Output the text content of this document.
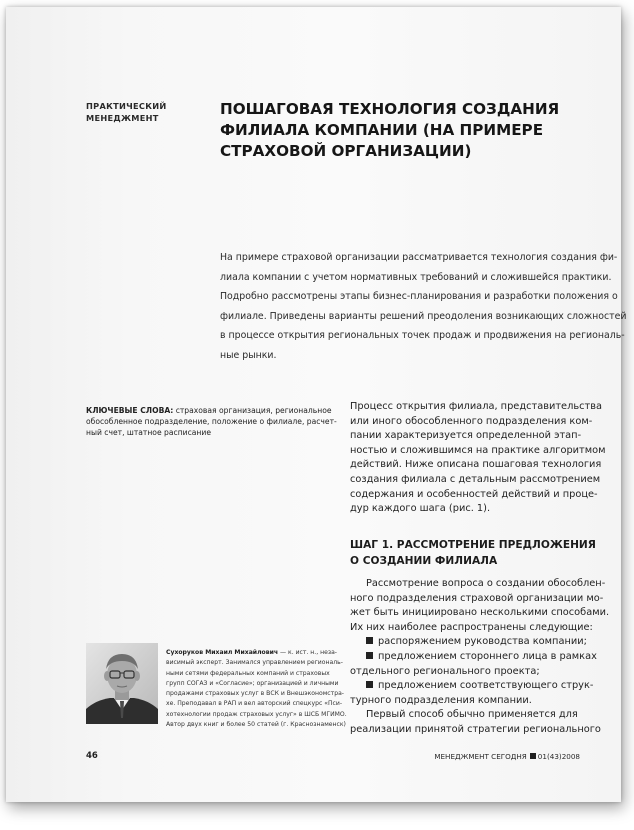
ПРАКТИЧЕСКИЙ
МЕНЕДЖМЕНТ	ПОШАГОВАЯ ТЕХНОЛОГИЯ СОЗДАНИЯ
ФИЛИАЛА КОМПАНИИ (НА ПРИМЕРЕ
СТРАХОВОЙ ОРГАНИЗАЦИИ)
На примере страховой организации рассматривается технология создания фи-
лиала компании с учетом нормативных требований и сложившейся практики.
Подробно рассмотрены этапы бизнес-планирования и разработки положения о
филиале. Приведены варианты решений преодоления возникающих сложностей
в процессе открытия региональных точек продаж и продвижения на региональ-
ные рынки.
КЛЮЧЕВЫЕ СЛОВА: страховая организация, региональное
обособленное подразделение, положение о филиале, расчет-
ный счет, штатное расписание
Процесс открытия филиала, представительства
или иного обособленного подразделения ком-
пании характеризуется определенной этап-
ностью и сложившимся на практике алгоритмом
действий. Ниже описана пошаговая технология
создания филиала с детальным рассмотрением
содержания и особенностей действий и проце-
дур каждого шага (рис. 1).
ШАГ 1. РАССМОТРЕНИЕ ПРЕДЛОЖЕНИЯ
О СОЗДАНИИ ФИЛИАЛА
Рассмотрение вопроса о создании обособлен-
ного подразделения страховой организации мо-
жет быть инициировано несколькими способами.
Их них наиболее распространены следующие:
распоряжением руководства компании;
предложением стороннего лица в рамках
отдельного регионального проекта;
предложением соответствующего струк-
турного подразделения компании.
Первый способ обычно применяется для
реализации принятой стратегии регионального
Сухоруков Михаил Михайлович — к. ист. н., неза-
висимый эксперт. Занимался управлением региональ-
ными сетями федеральных компаний и страховых
групп СОГАЗ и «Согласие»; организацией и личными
продажами страховых услуг в ВСК и Внешэкономстра-
хе. Преподавал в РАП и вел авторский спецкурс «Пси-
хотехнологии продаж страховых услуг» в ШСБ МГИМО.
Автор двух книг и более 50 статей (г. Краснознаменск)
46	МЕНЕДЖМЕНТ СЕГОДНЯ 01(43)2008
